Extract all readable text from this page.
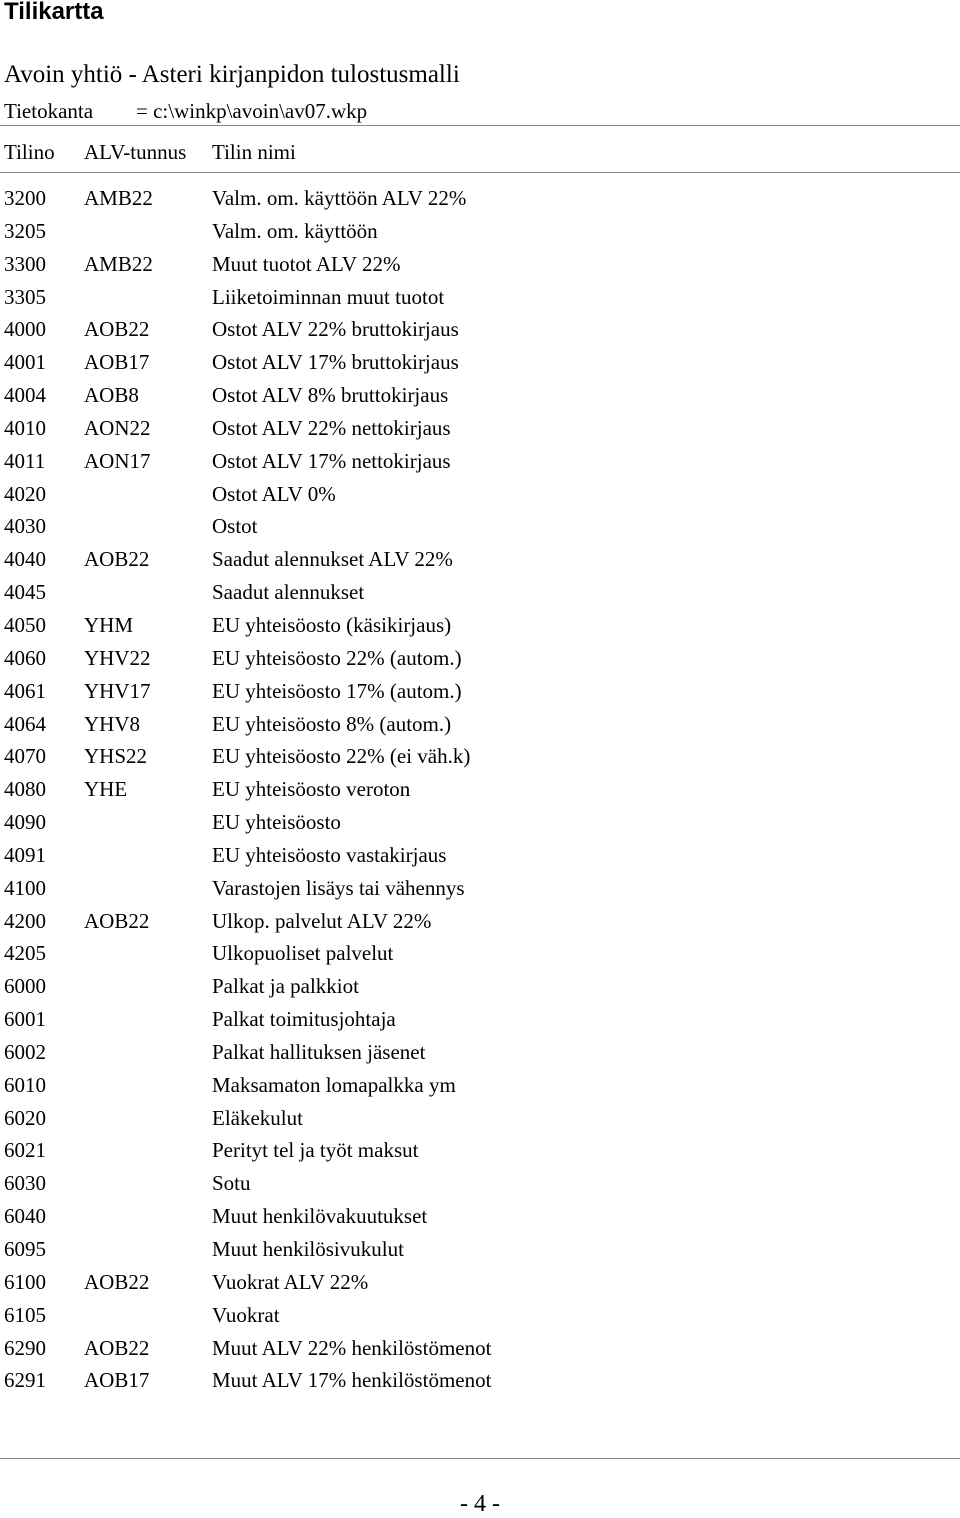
Tilikartta
Avoin yhtiö - Asteri kirjanpidon tulostusmalli
Tietokanta = c:\winkp\avoin\av07.wkp
Tilino ALV-tunnus Tilin nimi
3200 AMB22	Valm. om. käyttöön ALV 22%
3205	Valm. om. käyttöön
3300 AMB22	Muut tuotot ALV 22%
3305	Liiketoiminnan muut tuotot
4000 AOB22	Ostot ALV 22% bruttokirjaus
4001 AOB17	Ostot ALV 17% bruttokirjaus
4004 AOB8	Ostot ALV 8% bruttokirjaus
4010 AON22	Ostot ALV 22% nettokirjaus
4011 AON17	Ostot ALV 17% nettokirjaus
4020	Ostot ALV 0%
4030	Ostot
4040 AOB22	Saadut alennukset ALV 22%
4045	Saadut alennukset
4050 YHM	EU yhteisöosto (käsikirjaus)
4060 YHV22	EU yhteisöosto 22% (autom.)
4061 YHV17	EU yhteisöosto 17% (autom.)
4064 YHV8	EU yhteisöosto 8% (autom.)
4070 YHS22	EU yhteisöosto 22% (ei väh.k)
4080 YHE	EU yhteisöosto veroton
4090	EU yhteisöosto
4091	EU yhteisöosto vastakirjaus
4100	Varastojen lisäys tai vähennys
4200 AOB22	Ulkop. palvelut ALV 22%
4205	Ulkopuoliset palvelut
6000	Palkat ja palkkiot
6001	Palkat toimitusjohtaja
6002	Palkat hallituksen jäsenet
6010	Maksamaton lomapalkka ym
6020	Eläkekulut
6021	Perityt tel ja työt maksut
6030	Sotu
6040	Muut henkilövakuutukset
6095	Muut henkilösivukulut
6100 AOB22	Vuokrat ALV 22%
6105	Vuokrat
6290 AOB22	Muut ALV 22% henkilöstömenot
6291 AOB17	Muut ALV 17% henkilöstömenot
- 4 -
